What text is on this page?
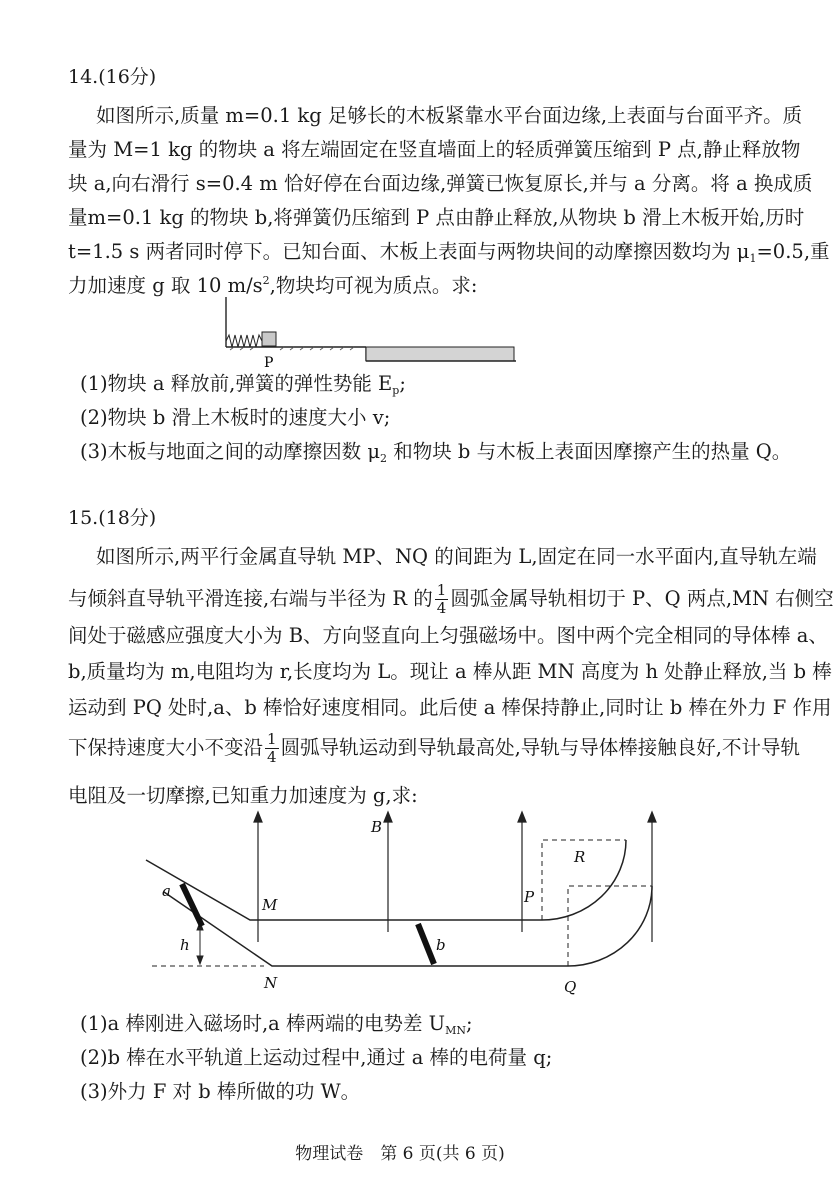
14.(16分)
如图所示,质量 m=0.1 kg 足够长的木板紧靠水平台面边缘,上表面与台面平齐。质
量为 M=1 kg 的物块 a 将左端固定在竖直墙面上的轻质弹簧压缩到 P 点,静止释放物
块 a,向右滑行 s=0.4 m 恰好停在台面边缘,弹簧已恢复原长,并与 a 分离。将 a 换成质
量m=0.1 kg 的物块 b,将弹簧仍压缩到 P 点由静止释放,从物块 b 滑上木板开始,历时
t=1.5 s 两者同时停下。已知台面、木板上表面与两物块间的动摩擦因数均为 $\mu_1=0.5$,重
力加速度 g 取 10 $m/s^2$,物块均可视为质点。求:
P
(1)物块 a 释放前,弹簧的弹性势能 $E_p$;
(2)物块 b 滑上木板时的速度大小 v;
(3)木板与地面之间的动摩擦因数 $\mu_2$ 和物块 b 与木板上表面因摩擦产生的热量 Q。
15.(18分)
如图所示,两平行金属直导轨 MP、NQ 的间距为 L,固定在同一水平面内,直导轨左端
与倾斜直导轨平滑连接,右端与半径为 R 的 $\frac{1}{4}$ 圆弧金属导轨相切于 P、Q 两点,MN 右侧空
间处于磁感应强度大小为 B、方向竖直向上匀强磁场中。图中两个完全相同的导体棒 a、
b,质量均为 m,电阻均为 r,长度均为 L。现让 a 棒从距 MN 高度为 h 处静止释放,当 b 棒
运动到 PQ 处时,a、b 棒恰好速度相同。此后使 a 棒保持静止,同时让 b 棒在外力 F 作用
下保持速度大小不变沿 $\frac{1}{4}$ 圆弧导轨运动到导轨最高处,导轨与导体棒接触良好,不计导轨
电阻及一切摩擦,已知重力加速度为 g,求:
a
h
M
N
B
b
P
Q
R
(1)a 棒刚进入磁场时,a 棒两端的电势差 $U_{MN}$;
(2)b 棒在水平轨道上运动过程中,通过 a 棒的电荷量 q;
(3)外力 F 对 b 棒所做的功 W。
物理试卷　第 6 页(共 6 页)
